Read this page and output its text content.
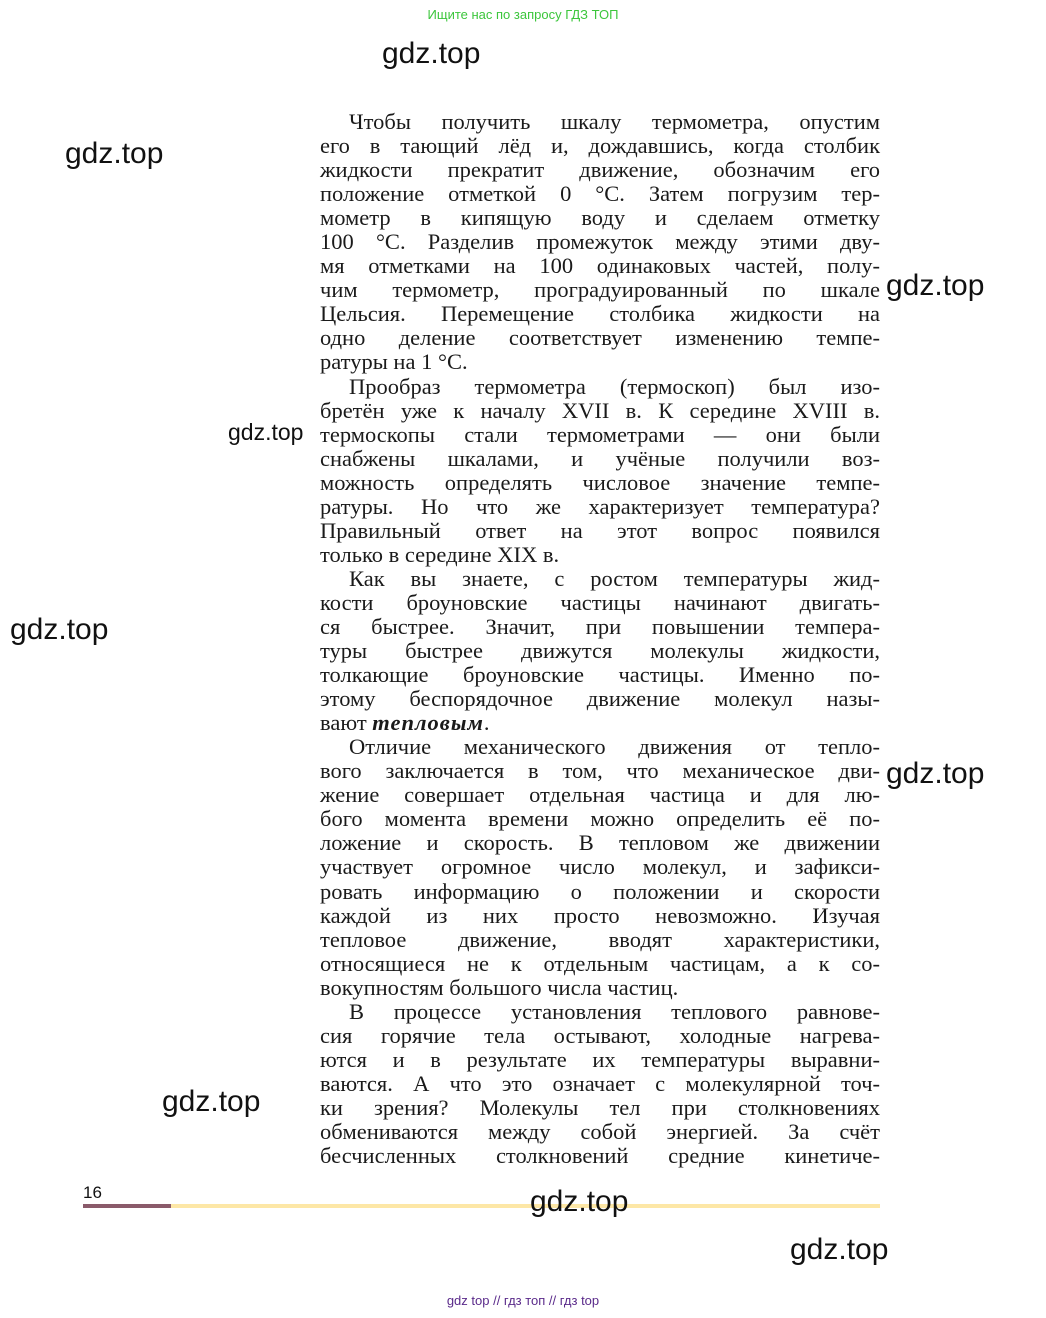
Ищите нас по запросу ГДЗ ТОП
gdz.top
gdz.top
gdz.top
gdz.top
gdz.top
gdz.top
gdz.top
Чтобы получить шкалу термометра, опустим
его в тающий лёд и, дождавшись, когда столбик
жидкости прекратит движение, обозначим его
положение отметкой 0 °С. Затем погрузим тер-
мометр в кипящую воду и сделаем отметку
100 °С. Разделив промежуток между этими дву-
мя отметками на 100 одинаковых частей, полу-
чим термометр, проградуированный по шкале
Цельсия. Перемещение столбика жидкости на
одно деление соответствует изменению темпе-
ратуры на 1 °С.
Прообраз термометра (термоскоп) был изо-
бретён уже к началу XVII в. К середине XVIII в.
термоскопы стали термометрами — они были
снабжены шкалами, и учёные получили воз-
можность определять числовое значение темпе-
ратуры. Но что же характеризует температура?
Правильный ответ на этот вопрос появился
только в середине XIX в.
Как вы знаете, с ростом температуры жид-
кости броуновские частицы начинают двигать-
ся быстрее. Значит, при повышении темпера-
туры быстрее движутся молекулы жидкости,
толкающие броуновские частицы. Именно по-
этому беспорядочное движение молекул назы-
вают тепловым.
Отличие механического движения от тепло-
вого заключается в том, что механическое дви-
жение совершает отдельная частица и для лю-
бого момента времени можно определить её по-
ложение и скорость. В тепловом же движении
участвует огромное число молекул, и зафикси-
ровать информацию о положении и скорости
каждой из них просто невозможно. Изучая
тепловое движение, вводят характеристики,
относящиеся не к отдельным частицам, а к со-
вокупностям большого числа частиц.
В процессе установления теплового равнове-
сия горячие тела остывают, холодные нагрева-
ются и в результате их температуры выравни-
ваются. А что это означает с молекулярной точ-
ки зрения? Молекулы тел при столкновениях
обмениваются между собой энергией. За счёт
бесчисленных столкновений средние кинетиче-
16	gdz.top
gdz.top
gdz top // гдз топ // гдз top
